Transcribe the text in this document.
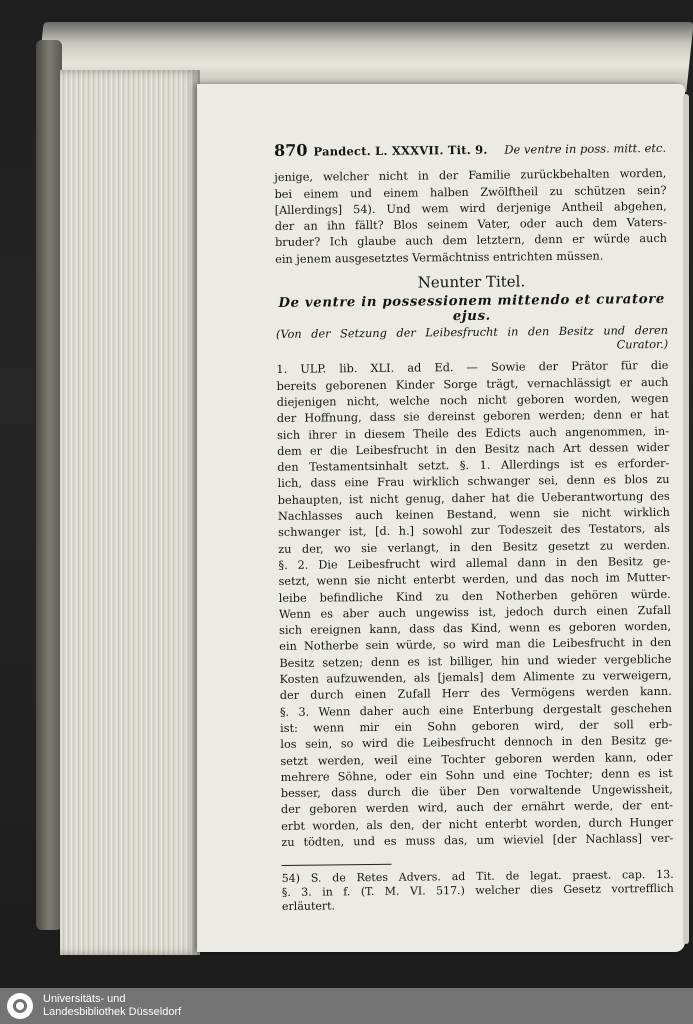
870 Pandect. L. XXXVII. Tit. 9. De ventre in poss. mitt. etc.
jenige, welcher nicht in der Familie zurückbehalten worden,
bei einem und einem halben Zwölftheil zu schützen sein?
[Allerdings] 54). Und wem wird derjenige Antheil abgehen,
der an ihn fällt? Blos seinem Vater, oder auch dem Vaters-
bruder? Ich glaube auch dem letztern, denn er würde auch
ein jenem ausgesetztes Vermächtniss entrichten müssen.
Neunter Titel.
De ventre in possessionem mittendo et curatore
ejus.
(Von der Setzung der Leibesfrucht in den Besitz und deren
Curator.)
1. ULP. lib. XLI. ad Ed. — Sowie der Prätor für die
bereits geborenen Kinder Sorge trägt, vernachlässigt er auch
diejenigen nicht, welche noch nicht geboren worden, wegen
der Hoffnung, dass sie dereinst geboren werden; denn er hat
sich ihrer in diesem Theile des Edicts auch angenommen, in-
dem er die Leibesfrucht in den Besitz nach Art dessen wider
den Testamentsinhalt setzt. §. 1. Allerdings ist es erforder-
lich, dass eine Frau wirklich schwanger sei, denn es blos zu
behaupten, ist nicht genug, daher hat die Ueberantwortung des
Nachlasses auch keinen Bestand, wenn sie nicht wirklich
schwanger ist, [d. h.] sowohl zur Todeszeit des Testators, als
zu der, wo sie verlangt, in den Besitz gesetzt zu werden.
§. 2. Die Leibesfrucht wird allemal dann in den Besitz ge-
setzt, wenn sie nicht enterbt werden, und das noch im Mutter-
leibe befindliche Kind zu den Notherben gehören würde.
Wenn es aber auch ungewiss ist, jedoch durch einen Zufall
sich ereignen kann, dass das Kind, wenn es geboren worden,
ein Notherbe sein würde, so wird man die Leibesfrucht in den
Besitz setzen; denn es ist billiger, hin und wieder vergebliche
Kosten aufzuwenden, als [jemals] dem Alimente zu verweigern,
der durch einen Zufall Herr des Vermögens werden kann.
§. 3. Wenn daher auch eine Enterbung dergestalt geschehen
ist: wenn mir ein Sohn geboren wird, der soll erb-
los sein, so wird die Leibesfrucht dennoch in den Besitz ge-
setzt werden, weil eine Tochter geboren werden kann, oder
mehrere Söhne, oder ein Sohn und eine Tochter; denn es ist
besser, dass durch die über Den vorwaltende Ungewissheit,
der geboren werden wird, auch der ernährt werde, der ent-
erbt worden, als den, der nicht enterbt worden, durch Hunger
zu tödten, und es muss das, um wieviel [der Nachlass] ver-
54) S. de Retes Advers. ad Tit. de legat. praest. cap. 13.
§. 3. in f. (T. M. VI. 517.) welcher dies Gesetz vortrefflich
erläutert.
Universitäts- und
Landesbibliothek Düsseldorf
